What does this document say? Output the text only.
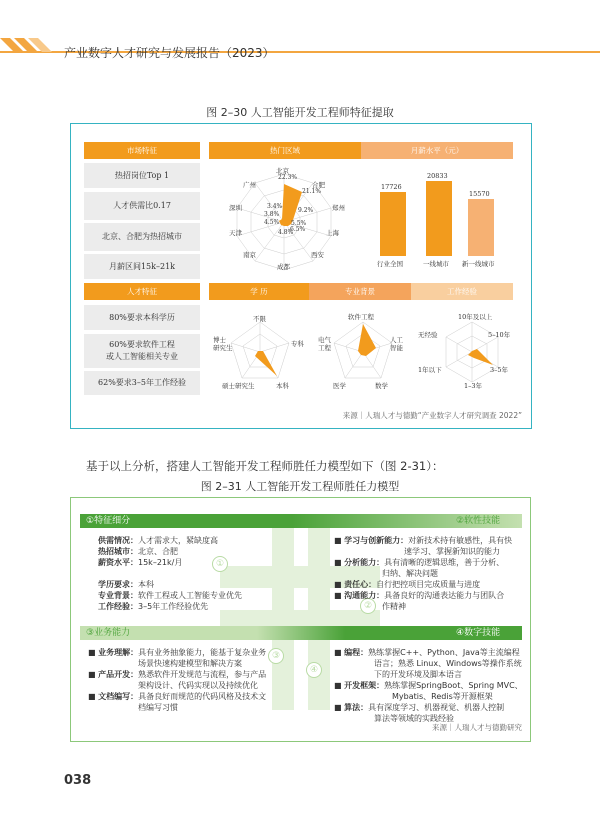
产业数字人才研究与发展报告（2023）
图 2–30 人工智能开发工程师特征提取
市场特征	热门区域	月薪水平（元）
热招岗位Top 1
人才供需比0.17
北京、合肥为热招城市
月薪区间15k–21k
北京
合肥
郑州
上海
西安
成都
南京
天津
深圳
广州
22.3%
21.1%
9.2%
6.5%
5.5%
4.8%
4.5%
3.8%
3.4%
17726
20833
15570
行业全国	一线城市 新一线城市
人才特征	学 历	专业背景	工作经验
80%要求本科学历
60%要求软件工程
或人工智能相关专业
62%要求3–5年工作经验
不限
专科
本科
硕士研究生
博士
研究生
软件工程
人工
智能
数学
医学
电气
工程
10年及以上
5–10年
3–5年
1–3年
1年以下
无经验
来源｜人瑞人才与德勤“产业数字人才研究调查 2022”
基于以上分析，搭建人工智能开发工程师胜任力模型如下（图 2-31）：
图 2–31 人工智能开发工程师胜任力模型
①
②
③
④
①特征细分	②软性技能
③业务能力	④数字技能
供需情况：人才需求大，紧缺度高
热招城市：北京、合肥
薪资水平：15k–21k/月
学历要求：本科
专业背景：软件工程或人工智能专业优先
工作经验：3–5年工作经验优先
■ 学习与创新能力：对新技术持有敏感性，具有快
速学习、掌握新知识的能力
■ 分析能力：具有清晰的逻辑思维，善于分析、
归纳、解决问题
■ 责任心：自行把控项目完成质量与进度
■ 沟通能力：具备良好的沟通表达能力与团队合
作精神
■ 业务理解：具有业务抽象能力，能基于复杂业务
场景快速构建模型和解决方案
■ 产品开发：熟悉软件开发规范与流程，参与产品
架构设计、代码实现以及持续优化
■ 文档编写：具备良好而规范的代码风格及技术文
档编写习惯
■ 编程：熟练掌握C++、Python、Java等主流编程
语言；熟悉 Linux、Windows等操作系统
下的开发环境及脚本语言
■ 开发框架：熟练掌握SpringBoot、Spring MVC、
Mybatis、Redis等开源框架
■ 算法：具有深度学习、机器视觉、机器人控制
算法等领域的实践经验
来源｜人瑞人才与德勤研究
038
